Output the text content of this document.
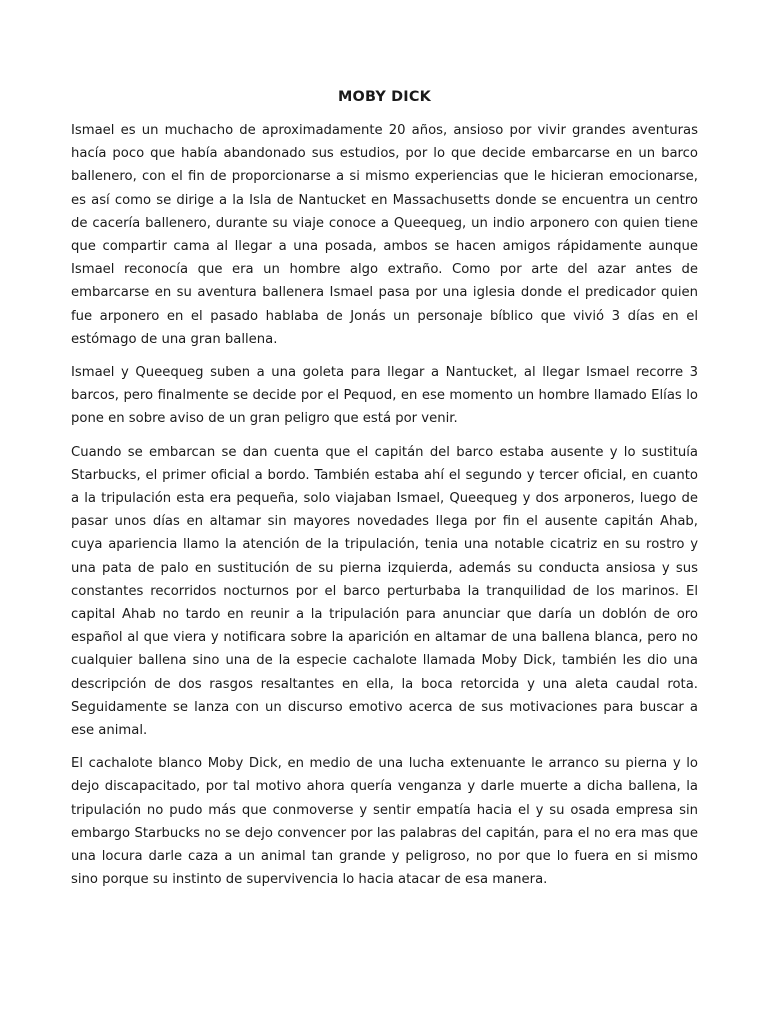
MOBY DICK

Ismael es un muchacho de aproximadamente 20 años, ansioso por vivir grandes aventuras hacía poco que había abandonado sus estudios, por lo que decide embarcarse en un barco ballenero, con el fin de proporcionarse a si mismo experiencias que le hicieran emocionarse, es así como se dirige a la Isla de Nantucket en Massachusetts donde se encuentra un centro de cacería ballenero, durante su viaje conoce a Queequeg, un indio arponero con quien tiene que compartir cama al llegar a una posada, ambos se hacen amigos rápidamente aunque Ismael reconocía que era un hombre algo extraño. Como por arte del azar antes de embarcarse en su aventura ballenera Ismael pasa por una iglesia donde el predicador quien fue arponero en el pasado hablaba de Jonás un personaje bíblico que vivió 3 días en el estómago de una gran ballena.

Ismael y Queequeg suben a una goleta para llegar a Nantucket, al llegar Ismael recorre 3 barcos, pero finalmente se decide por el Pequod, en ese momento un hombre llamado Elías lo pone en sobre aviso de un gran peligro que está por venir.

Cuando se embarcan se dan cuenta que el capitán del barco estaba ausente y lo sustituía Starbucks, el primer oficial a bordo. También estaba ahí el segundo y tercer oficial, en cuanto a la tripulación esta era pequeña, solo viajaban Ismael, Queequeg y dos arponeros, luego de pasar unos días en altamar sin mayores novedades llega por fin el ausente capitán Ahab, cuya apariencia llamo la atención de la tripulación, tenia una notable cicatriz en su rostro y una pata de palo en sustitución de su pierna izquierda, además su conducta ansiosa y sus constantes recorridos nocturnos por el barco perturbaba la tranquilidad de los marinos. El capital Ahab no tardo en reunir a la tripulación para anunciar que daría un doblón de oro español al que viera y notificara sobre la aparición en altamar de una ballena blanca, pero no cualquier ballena sino una de la especie cachalote llamada Moby Dick, también les dio una descripción de dos rasgos resaltantes en ella, la boca retorcida y una aleta caudal rota. Seguidamente se lanza con un discurso emotivo acerca de sus motivaciones para buscar a ese animal.

El cachalote blanco Moby Dick, en medio de una lucha extenuante le arranco su pierna y lo dejo discapacitado, por tal motivo ahora quería venganza y darle muerte a dicha ballena, la tripulación no pudo más que conmoverse y sentir empatía hacia el y su osada empresa sin embargo Starbucks no se dejo convencer por las palabras del capitán, para el no era mas que una locura darle caza a un animal tan grande y peligroso, no por que lo fuera en si mismo sino porque su instinto de supervivencia lo hacia atacar de esa manera.
